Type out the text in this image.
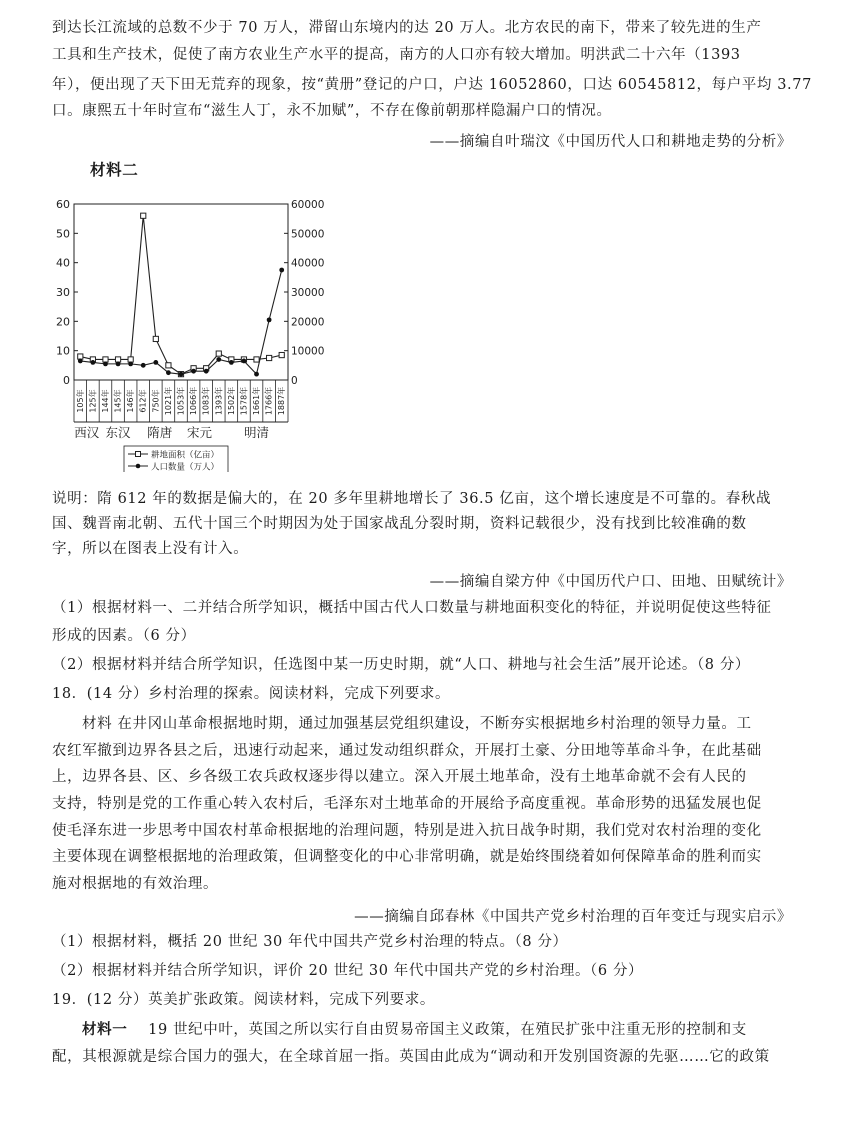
到达长江流域的总数不少于 70 万人，滞留山东境内的达 20 万人。北方农民的南下，带来了较先进的生产
工具和生产技术，促使了南方农业生产水平的提高，南方的人口亦有较大增加。明洪武二十六年（1393
年），便出现了天下田无荒弃的现象，按“黄册”登记的户口，户达 16052860，口达 60545812，每户平均 3.77
口。康熙五十年时宣布“滋生人丁，永不加赋”，不存在像前朝那样隐漏户口的情况。
——摘编自叶瑞汶《中国历代人口和耕地走势的分析》
材料二
0
10
20
30
40
50
60
0
10000
20000
30000
40000
50000
60000
105年 125年 144年 145年 146年 612年 750年 1021年 1053年 1066年 1083年 1393年 1502年 1578年 1661年 1766年 1887年
西汉 东汉 隋唐 宋元	明清
耕地面积（亿亩）
人口数量（万人）
说明：隋 612 年的数据是偏大的，在 20 多年里耕地增长了 36.5 亿亩，这个增长速度是不可靠的。春秋战
国、魏晋南北朝、五代十国三个时期因为处于国家战乱分裂时期，资料记载很少，没有找到比较准确的数
字，所以在图表上没有计入。
——摘编自梁方仲《中国历代户口、田地、田赋统计》
（1）根据材料一、二并结合所学知识，概括中国古代人口数量与耕地面积变化的特征，并说明促使这些特征
形成的因素。（6 分）
（2）根据材料并结合所学知识，任选图中某一历史时期，就“人口、耕地与社会生活”展开论述。（8 分）
18．(14 分）乡村治理的探索。阅读材料，完成下列要求。
材料 在井冈山革命根据地时期，通过加强基层党组织建设，不断夯实根据地乡村治理的领导力量。工
农红军撤到边界各县之后，迅速行动起来，通过发动组织群众，开展打土豪、分田地等革命斗争，在此基础
上，边界各县、区、乡各级工农兵政权逐步得以建立。深入开展土地革命，没有土地革命就不会有人民的
支持，特别是党的工作重心转入农村后，毛泽东对土地革命的开展给予高度重视。革命形势的迅猛发展也促
使毛泽东进一步思考中国农村革命根据地的治理问题，特别是进入抗日战争时期，我们党对农村治理的变化
主要体现在调整根据地的治理政策，但调整变化的中心非常明确，就是始终围绕着如何保障革命的胜利而实
施对根据地的有效治理。
——摘编自邱春林《中国共产党乡村治理的百年变迁与现实启示》
（1）根据材料，概括 20 世纪 30 年代中国共产党乡村治理的特点。（8 分）
（2）根据材料并结合所学知识，评价 20 世纪 30 年代中国共产党的乡村治理。（6 分）
19．(12 分）英美扩张政策。阅读材料，完成下列要求。
材料一 19 世纪中叶，英国之所以实行自由贸易帝国主义政策，在殖民扩张中注重无形的控制和支
配，其根源就是综合国力的强大，在全球首屈一指。英国由此成为“调动和开发别国资源的先驱……它的政策
